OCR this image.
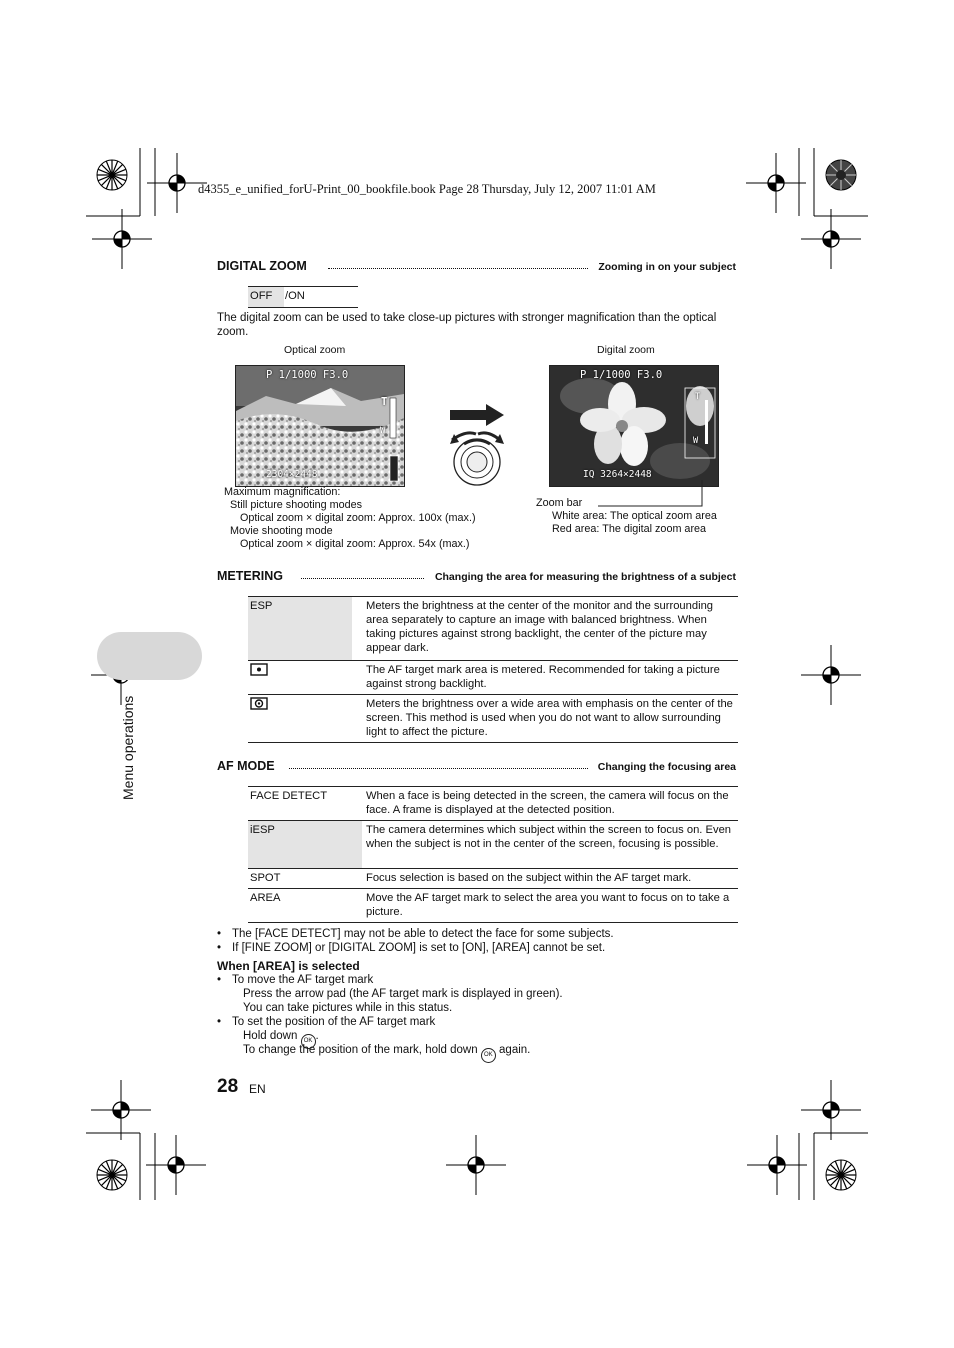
d4355_e_unified_forU-Print_00_bookfile.book Page 28 Thursday, July 12, 2007 11:01 AM
Menu operations
DIGITAL ZOOM	Zooming in on your subject
OFF /ON
The digital zoom can be used to take close-up pictures with stronger magnification than the optical zoom.
Optical zoom	Digital zoom
P 1/1000 F3.0
T
W
2304×2448
P 1/1000 F3.0
T
W
IQ 3264×2448
Maximum magnification:
Still picture shooting modes
Optical zoom × digital zoom: Approx. 100x (max.)
Movie shooting mode
Optical zoom × digital zoom: Approx. 54x (max.)
Zoom bar
White area: The optical zoom area
Red area: The digital zoom area
METERING	Changing the area for measuring the brightness of a subject
ESP	Meters the brightness at the center of the monitor and the surrounding area separately to capture an image with balanced brightness. When taking pictures against strong backlight, the center of the picture may appear dark.
	The AF target mark area is metered. Recommended for taking a picture against strong backlight.
	Meters the brightness over a wide area with emphasis on the center of the screen. This method is used when you do not want to allow surrounding light to affect the picture.
AF MODE	Changing the focusing area
FACE DETECT	When a face is being detected in the screen, the camera will focus on the face. A frame is displayed at the detected position.
iESP	The camera determines which subject within the screen to focus on. Even when the subject is not in the center of the screen, focusing is possible.
SPOT	Focus selection is based on the subject within the AF target mark.
AREA	Move the AF target mark to select the area you want to focus on to take a picture.
• The [FACE DETECT] may not be able to detect the face for some subjects.
• If [FINE ZOOM] or [DIGITAL ZOOM] is set to [ON], [AREA] cannot be set.
When [AREA] is selected
• To move the AF target mark
Press the arrow pad (the AF target mark is displayed in green).
You can take pictures while in this status.
• To set the position of the AF target mark
Hold down OK .
To change the position of the mark, hold down OK again.
28 EN
